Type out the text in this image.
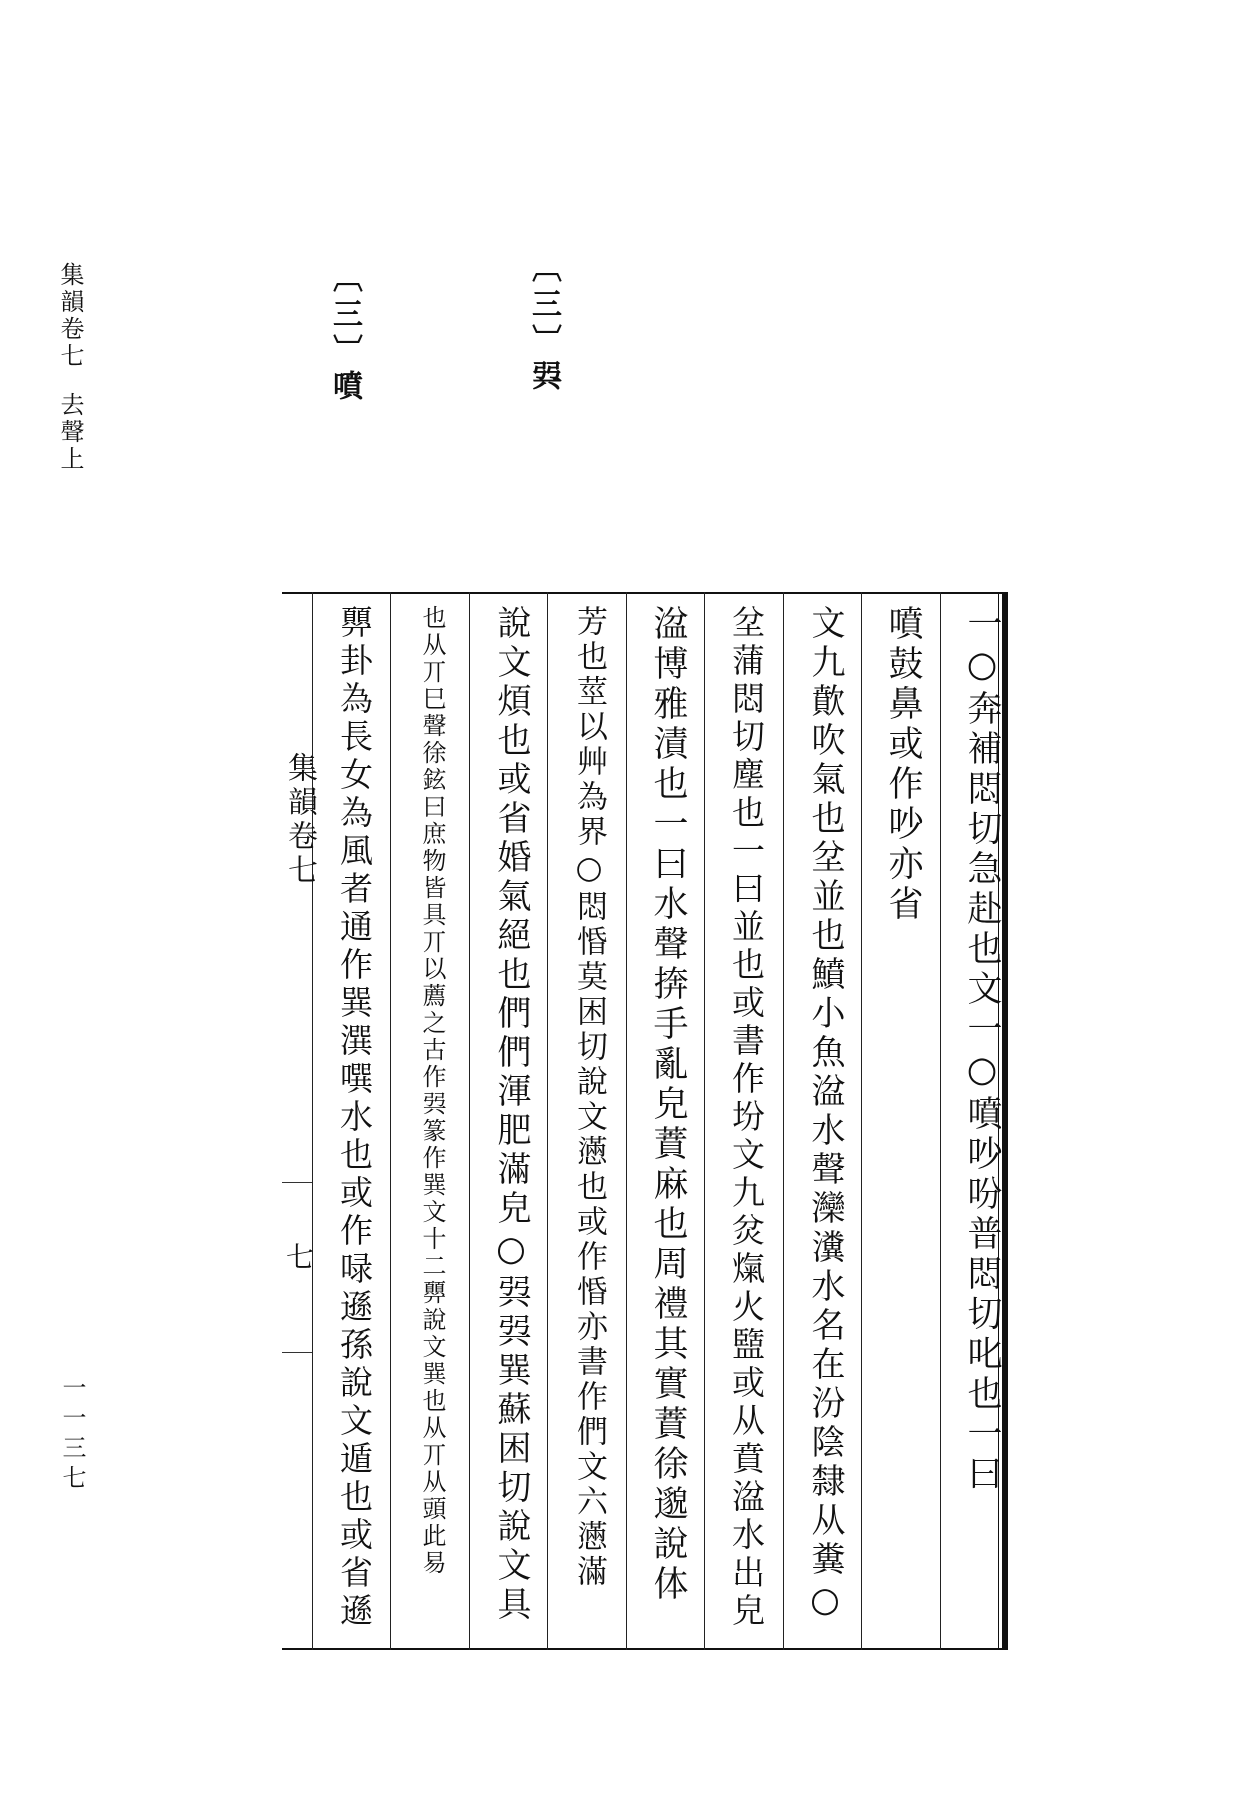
集韻卷七去聲上
一一三七
〔三〕㢲
〔三〕噴
集韻卷七
七	一○奔補悶切急赴也文一○噴吵吩普悶切叱也一曰
噴鼓鼻或作吵亦省
文九歕吹氣也坌並也鱝小魚湓水聲灤瀵水名在汾陰隸从糞○
坌蒲悶切塵也一曰並也或書作坋文九炃熂火盬或从賁湓水出皃
湓博雅漬也一曰水聲捹手亂皃蕡麻也周禮其實蕡徐邈說体
芳也莖以艸為界○悶惛莫困切說文懣也或作惛亦書作們文六懣滿
說文煩也或省婚氣絕也們們渾肥滿皃○㢲㢲巽蘇困切說文具
也从丌巳聲徐鉉曰庶物皆具丌以薦之古作㢲篆作巽文十二顨說文巽也从丌从頭此易
顨卦為長女為風者通作巽潠噀水也或作㖨遜孫說文遁也或省遜
